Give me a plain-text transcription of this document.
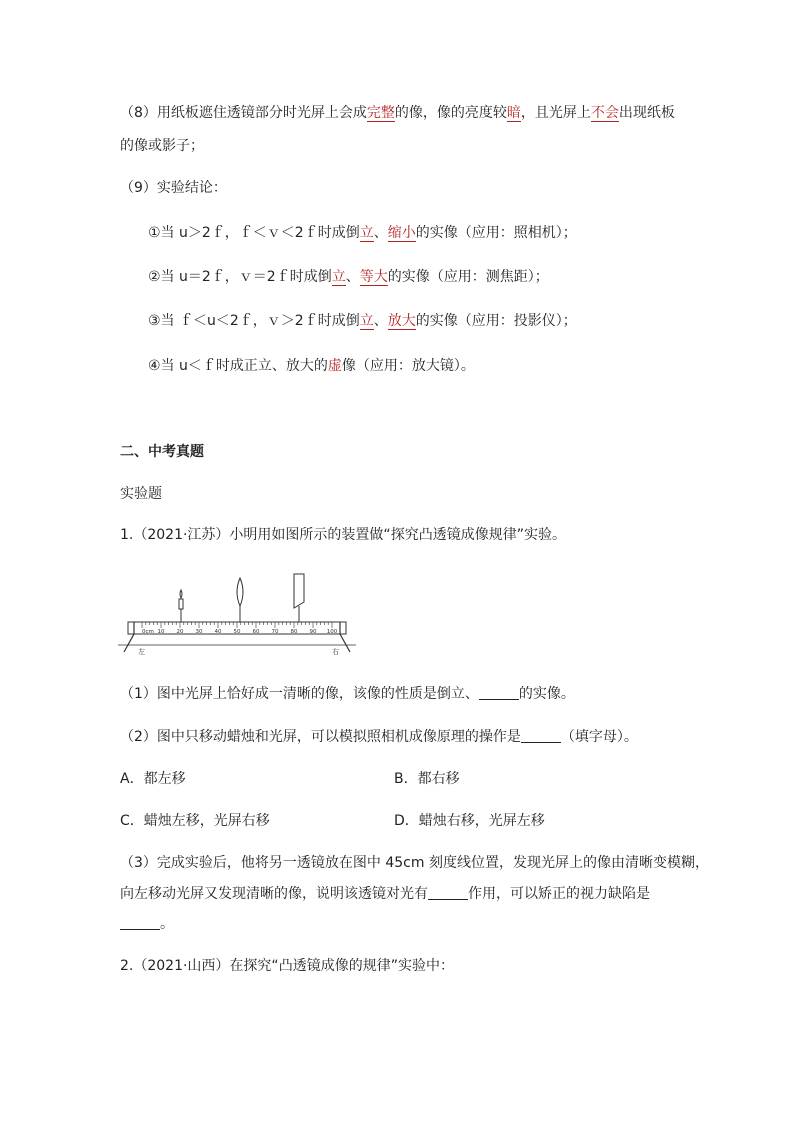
（8）用纸板遮住透镜部分时光屏上会成完整的像，像的亮度较暗，且光屏上不会出现纸板
的像或影子；
（9）实验结论：
①当 u＞2ｆ，ｆ＜ｖ＜2ｆ时成倒立、缩小的实像（应用：照相机）；
②当 u＝2ｆ，ｖ＝2ｆ时成倒立、等大的实像（应用：测焦距）；
③当 ｆ＜u＜2ｆ，ｖ＞2ｆ时成倒立、放大的实像（应用：投影仪）；
④当 u＜ｆ时成正立、放大的虚像（应用：放大镜）。
二、中考真题
实验题
1.（2021·江苏）小明用如图所示的装置做“探究凸透镜成像规律”实验。
0cm 10 20 30 40 50 60 70 80 90 100
左	右
（1）图中光屏上恰好成一清晰的像，该像的性质是倒立、	的实像。
（2）图中只移动蜡烛和光屏，可以模拟照相机成像原理的操作是	（填字母）。
A．都左移	B．都右移
C．蜡烛左移，光屏右移	D．蜡烛右移，光屏左移
（3）完成实验后，他将另一透镜放在图中 45cm 刻度线位置，发现光屏上的像由清晰变模糊，
向左移动光屏又发现清晰的像，说明该透镜对光有	作用，可以矫正的视力缺陷是
。
2.（2021·山西）在探究“凸透镜成像的规律”实验中：
